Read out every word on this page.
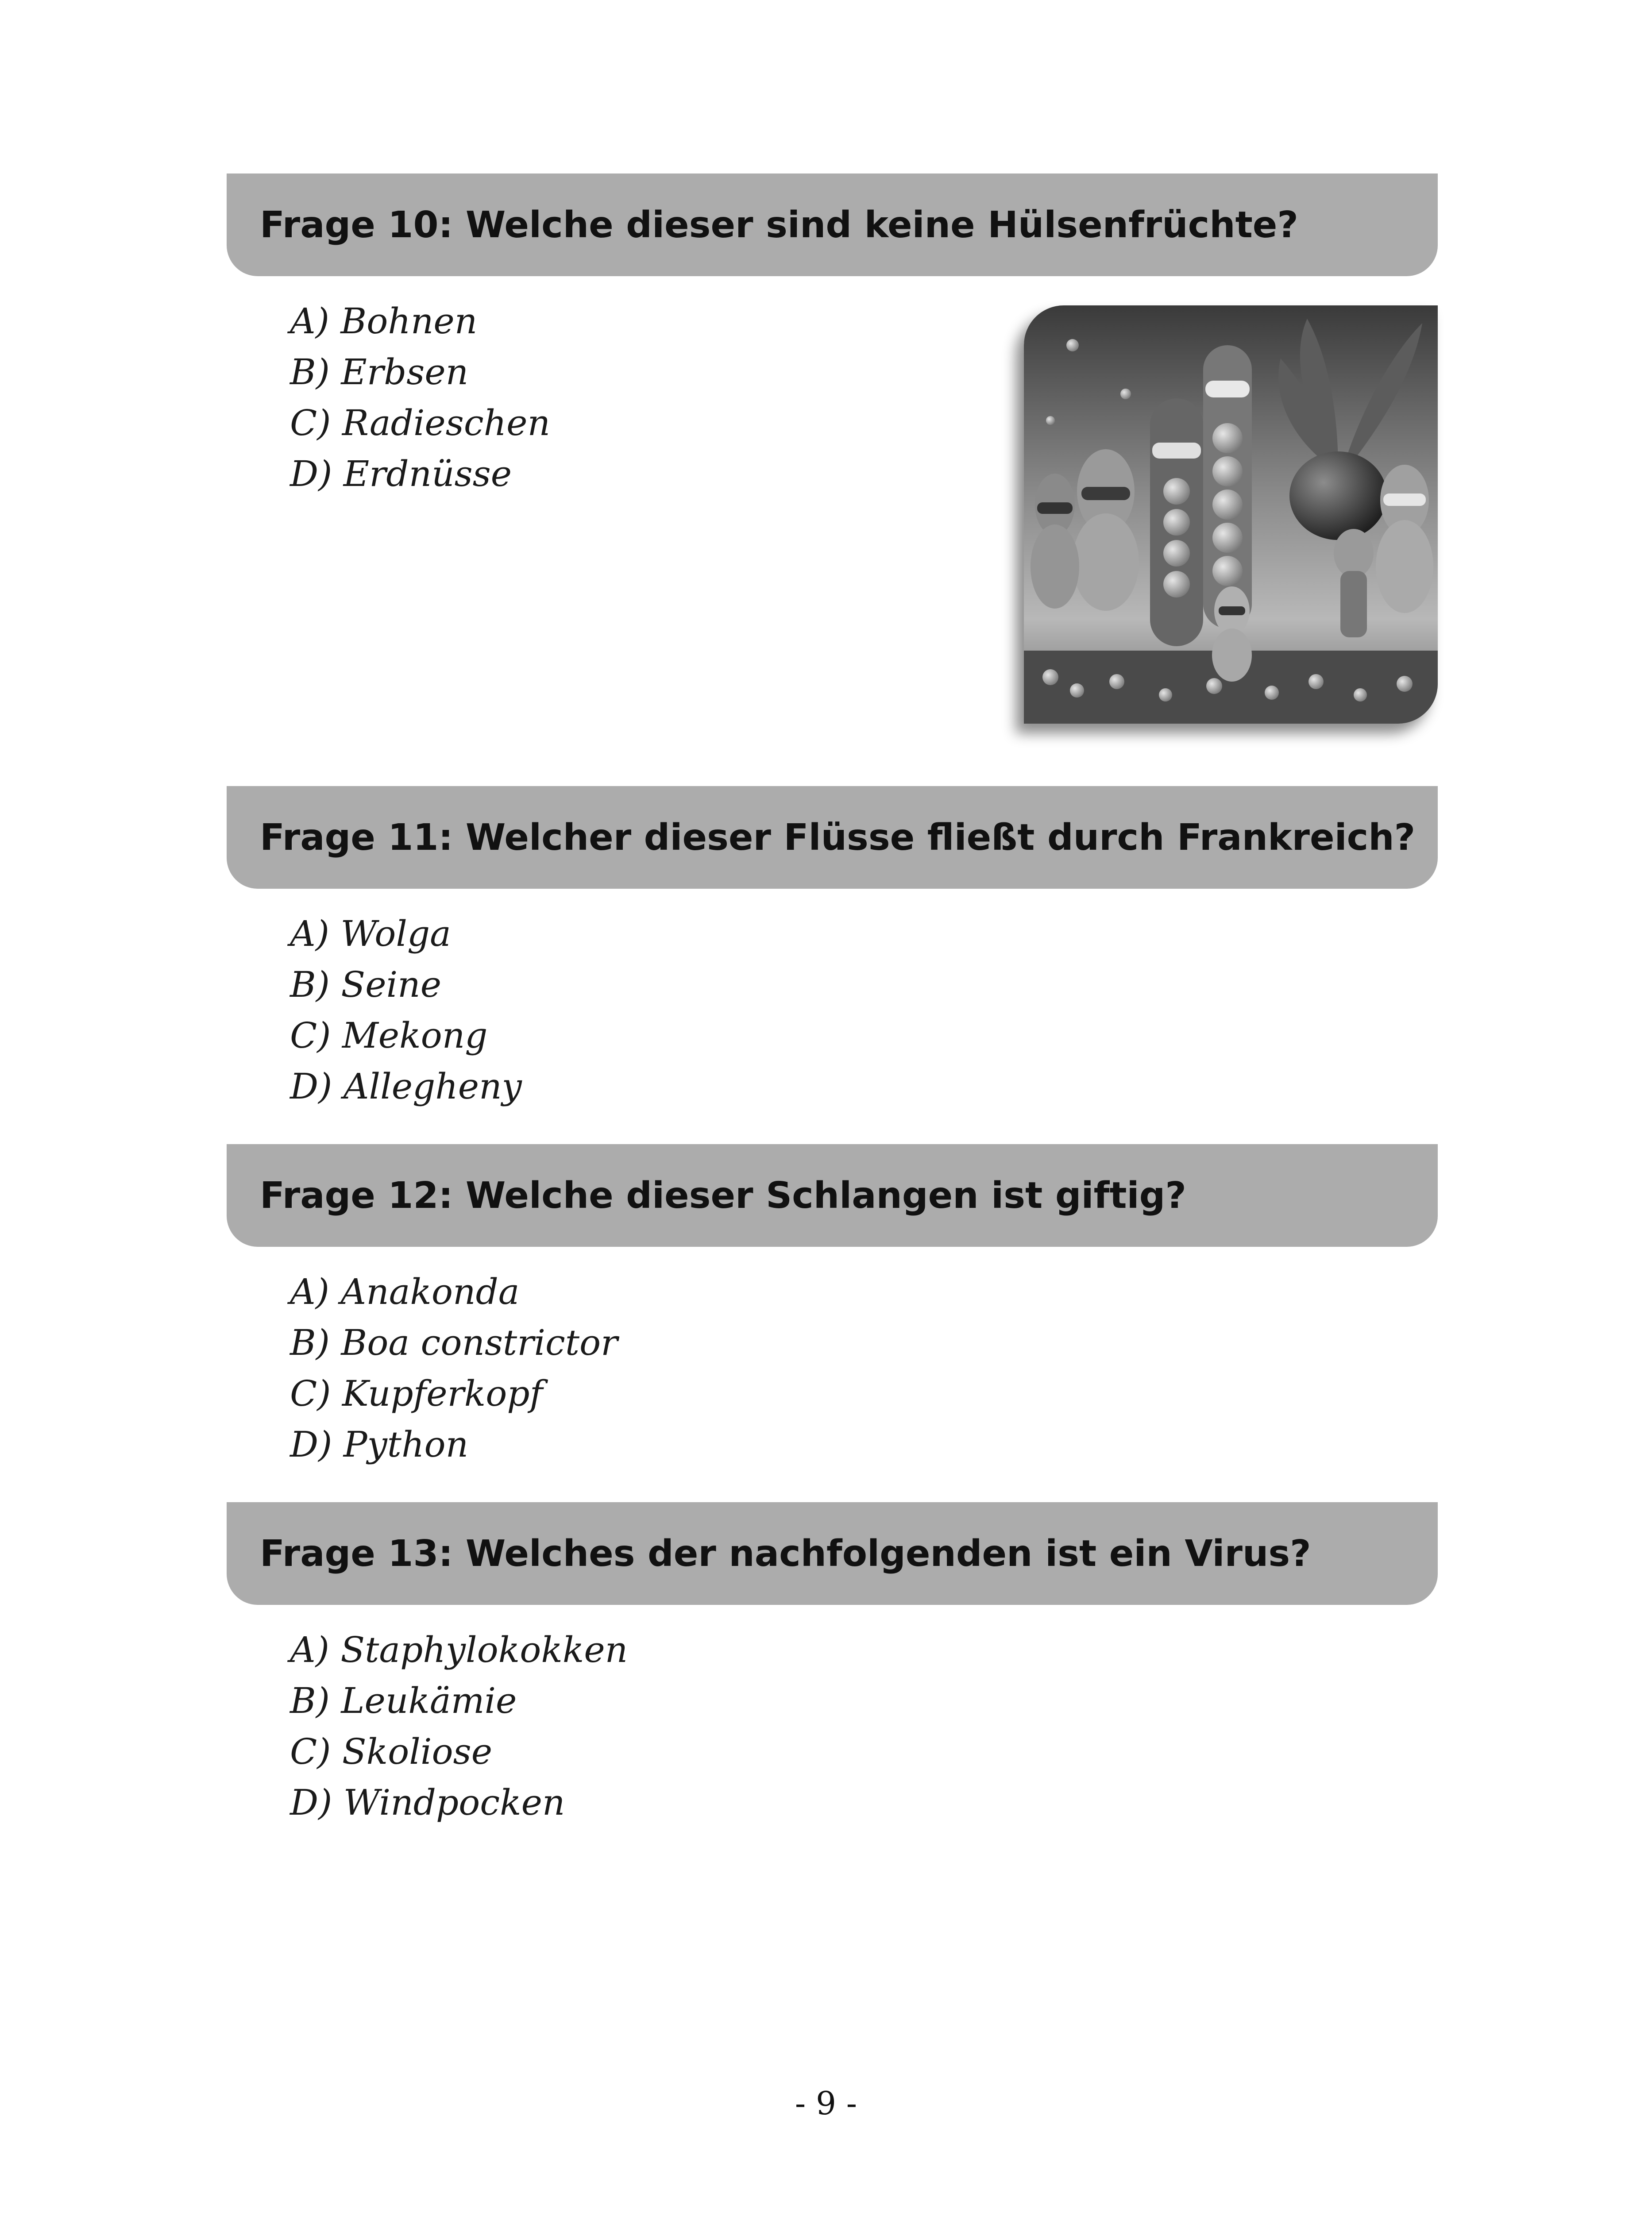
Frage 10: Welche dieser sind keine Hülsenfrüchte?
A) Bohnen
B) Erbsen
C) Radieschen
D) Erdnüsse
Frage 11: Welcher dieser Flüsse fließt durch Frankreich?
A) Wolga
B) Seine
C) Mekong
D) Allegheny
Frage 12: Welche dieser Schlangen ist giftig?
A) Anakonda
B) Boa constrictor
C) Kupferkopf
D) Python
Frage 13: Welches der nachfolgenden ist ein Virus?
A) Staphylokokken
B) Leukämie
C) Skoliose
D) Windpocken
- 9 -
